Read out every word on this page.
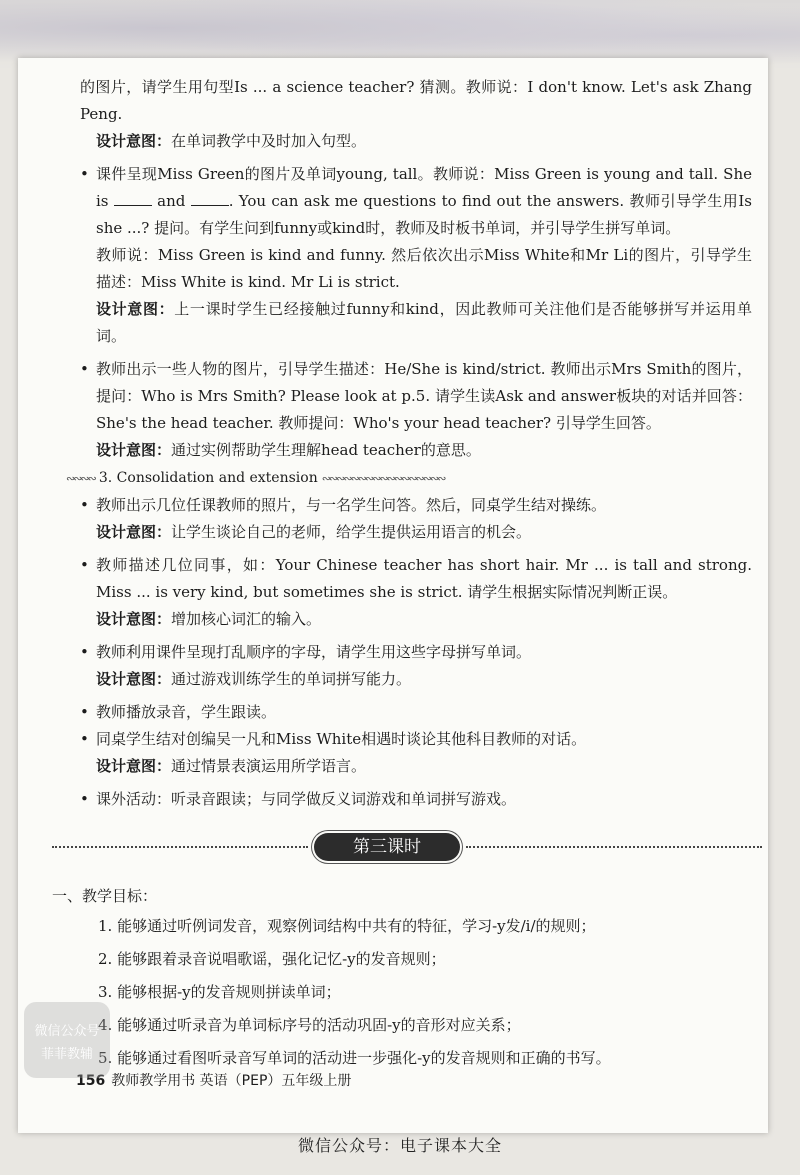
的图片，请学生用句型Is ... a science teacher? 猜测。教师说：I don't know. Let's ask Zhang Peng.

设计意图：在单词教学中及时加入句型。

• 课件呈现Miss Green的图片及单词young, tall。教师说：Miss Green is young and tall. She is	and	. You can ask me questions to find out the answers. 教师引导学生用Is she ...? 提问。有学生问到funny或kind时，教师及时板书单词，并引导学生拼写单词。

教师说：Miss Green is kind and funny. 然后依次出示Miss White和Mr Li的图片，引导学生描述：Miss White is kind. Mr Li is strict.

设计意图：上一课时学生已经接触过funny和kind，因此教师可关注他们是否能够拼写并运用单词。

• 教师出示一些人物的图片，引导学生描述：He/She is kind/strict. 教师出示Mrs Smith的图片，提问：Who is Mrs Smith? Please look at p.5. 请学生读Ask and answer板块的对话并回答：She's the head teacher. 教师提问：Who's your head teacher? 引导学生回答。

设计意图：通过实例帮助学生理解head teacher的意思。

∾∾∾∾ 3. Consolidation and extension ∾∾∾∾∾∾∾∾∾∾∾∾∾∾∾∾∾

• 教师出示几位任课教师的照片，与一名学生问答。然后，同桌学生结对操练。

设计意图：让学生谈论自己的老师，给学生提供运用语言的机会。

• 教师描述几位同事，如：Your Chinese teacher has short hair. Mr ... is tall and strong. Miss ... is very kind, but sometimes she is strict. 请学生根据实际情况判断正误。

设计意图：增加核心词汇的输入。

• 教师利用课件呈现打乱顺序的字母，请学生用这些字母拼写单词。

设计意图：通过游戏训练学生的单词拼写能力。

• 教师播放录音，学生跟读。

• 同桌学生结对创编吴一凡和Miss White相遇时谈论其他科目教师的对话。

设计意图：通过情景表演运用所学语言。

• 课外活动：听录音跟读；与同学做反义词游戏和单词拼写游戏。

第三课时
一、教学目标：
1. 能够通过听例词发音，观察例词结构中共有的特征，学习-y发/i/的规则；
2. 能够跟着录音说唱歌谣，强化记忆-y的发音规则；
3. 能够根据-y的发音规则拼读单词；
4. 能够通过听录音为单词标序号的活动巩固-y的音形对应关系；
5. 能够通过看图听录音写单词的活动进一步强化-y的发音规则和正确的书写。
156 教师教学用书 英语（PEP）五年级上册
微信公众号
菲菲教辅
微信公众号：电子课本大全
